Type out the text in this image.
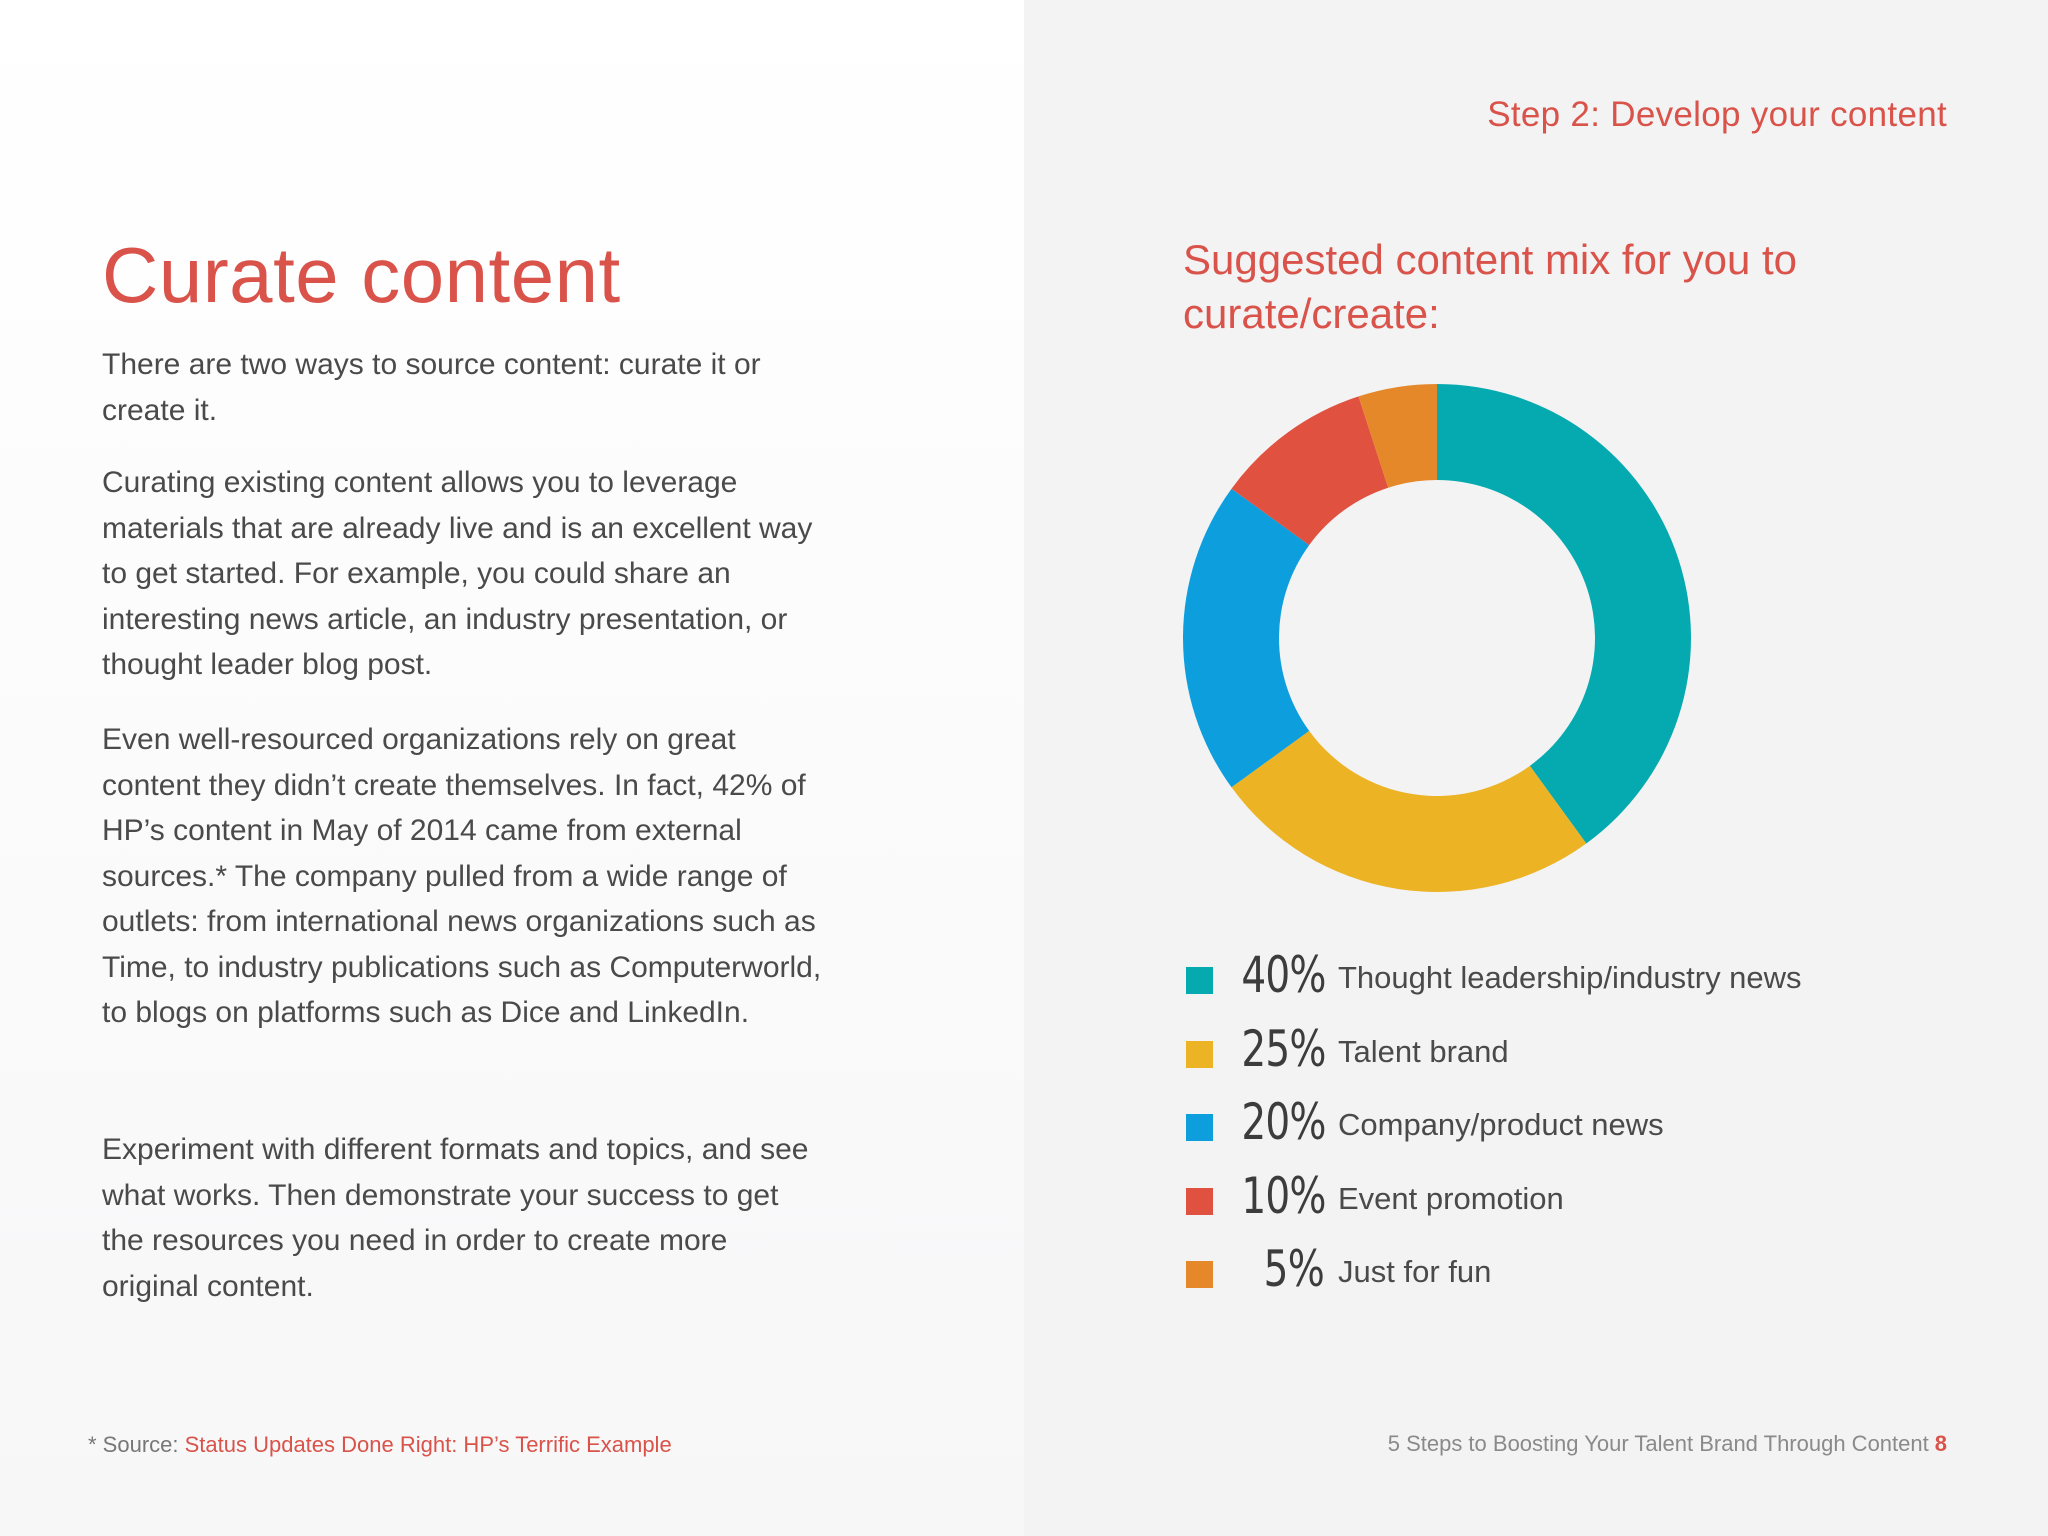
Step 2: Develop your content
Curate content

There are two ways to source content: curate it or create it.

Curating existing content allows you to leverage materials that are already live and is an excellent way to get started. For example, you could share an interesting news article, an industry presentation, or thought leader blog post.

Even well-resourced organizations rely on great content they didn’t create themselves. In fact, 42% of HP’s content in May of 2014 came from external sources.* The company pulled from a wide range of outlets: from international news organizations such as Time, to industry publications such as Computerworld, to blogs on platforms such as Dice and LinkedIn.

Experiment with different formats and topics, and see what works. Then demonstrate your success to get the resources you need in order to create more original content.

Suggested content mix for you to curate/create:
40% Thought leadership/industry news
25% Talent brand
20% Company/product news
10% Event promotion
5% Just for fun
* Source: Status Updates Done Right: HP’s Terrific Example	5 Steps to Boosting Your Talent Brand Through Content 8
